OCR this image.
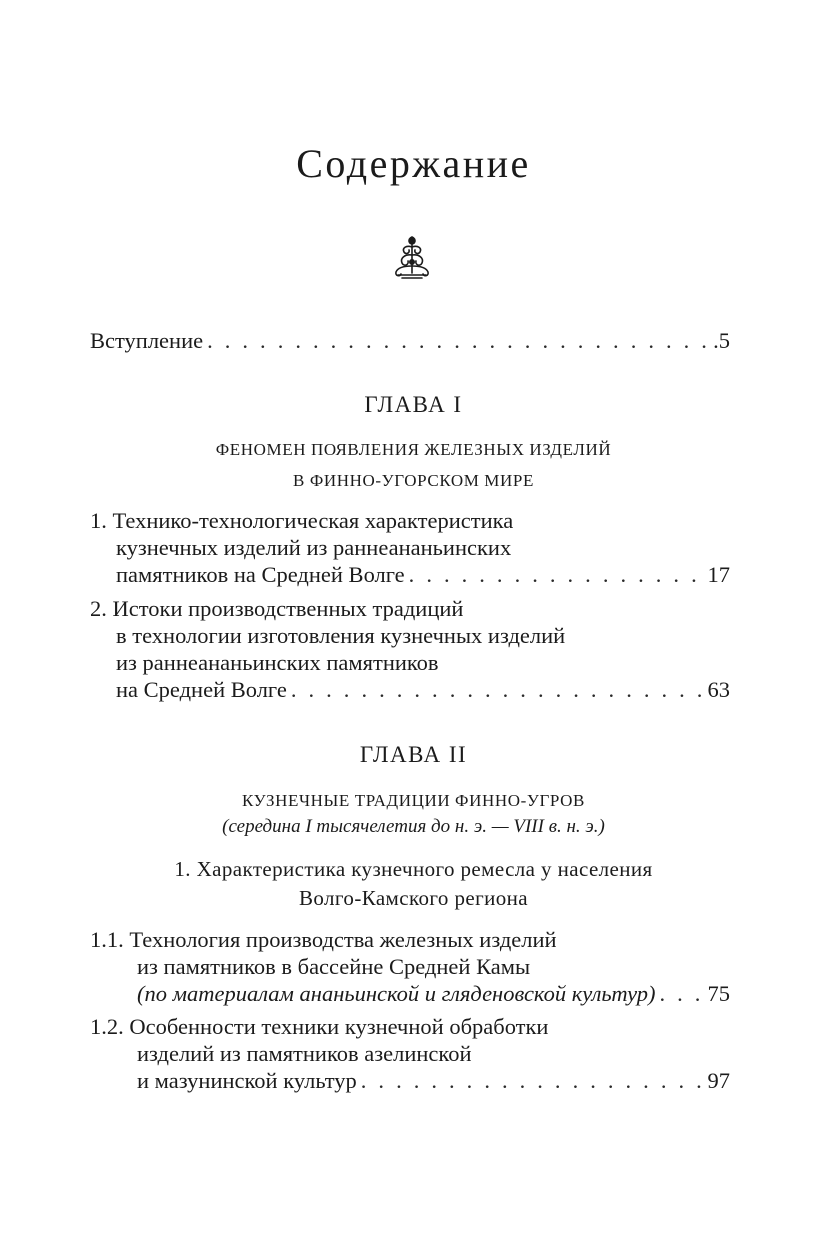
Содержание
Вступление . . .	.5
ГЛАВА I
ФЕНОМЕН ПОЯВЛЕНИЯ ЖЕЛЕЗНЫХ ИЗДЕЛИЙ
В ФИННО-УГОРСКОМ МИРЕ
1. Технико-технологическая характеристика
кузнечных изделий из раннеананьинских
памятников на Средней Волге . . .	17
2. Истоки производственных традиций
в технологии изготовления кузнечных изделий
из раннеананьинских памятников
на Средней Волге . . .	63
ГЛАВА II
КУЗНЕЧНЫЕ ТРАДИЦИИ ФИННО-УГРОВ
(середина I тысячелетия до н. э. — VIII в. н. э.)
1. Характеристика кузнечного ремесла у населения
Волго-Камского региона
1.1. Технология производства железных изделий
из памятников в бассейне Средней Камы
(по материалам ананьинской и гляденовской культур) . . . 75
1.2. Особенности техники кузнечной обработки
изделий из памятников азелинской
и мазунинской культур . . .	97
